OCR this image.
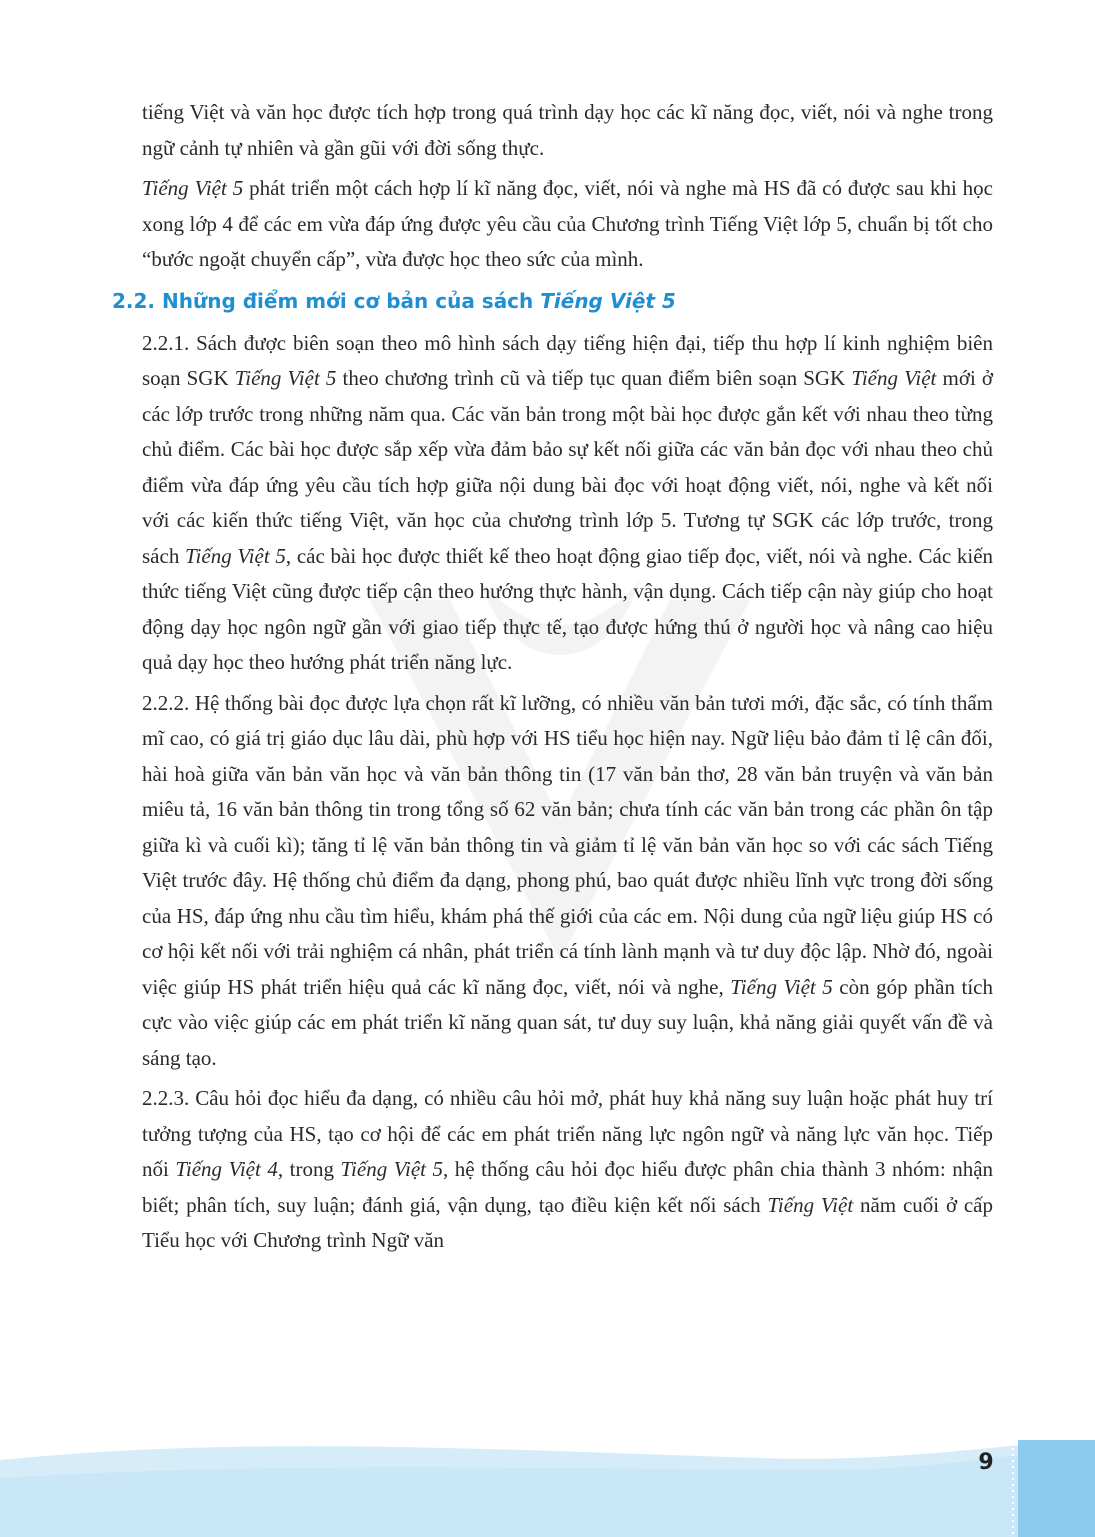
tiếng Việt và văn học được tích hợp trong quá trình dạy học các kĩ năng đọc, viết, nói và nghe trong ngữ cảnh tự nhiên và gần gũi với đời sống thực.

Tiếng Việt 5 phát triển một cách hợp lí kĩ năng đọc, viết, nói và nghe mà HS đã có được sau khi học xong lớp 4 để các em vừa đáp ứng được yêu cầu của Chương trình Tiếng Việt lớp 5, chuẩn bị tốt cho “bước ngoặt chuyển cấp”, vừa được học theo sức của mình.

2.2. Những điểm mới cơ bản của sách Tiếng Việt 5

2.2.1. Sách được biên soạn theo mô hình sách dạy tiếng hiện đại, tiếp thu hợp lí kinh nghiệm biên soạn SGK Tiếng Việt 5 theo chương trình cũ và tiếp tục quan điểm biên soạn SGK Tiếng Việt mới ở các lớp trước trong những năm qua. Các văn bản trong một bài học được gắn kết với nhau theo từng chủ điểm. Các bài học được sắp xếp vừa đảm bảo sự kết nối giữa các văn bản đọc với nhau theo chủ điểm vừa đáp ứng yêu cầu tích hợp giữa nội dung bài đọc với hoạt động viết, nói, nghe và kết nối với các kiến thức tiếng Việt, văn học của chương trình lớp 5. Tương tự SGK các lớp trước, trong sách Tiếng Việt 5, các bài học được thiết kế theo hoạt động giao tiếp đọc, viết, nói và nghe. Các kiến thức tiếng Việt cũng được tiếp cận theo hướng thực hành, vận dụng. Cách tiếp cận này giúp cho hoạt động dạy học ngôn ngữ gần với giao tiếp thực tế, tạo được hứng thú ở người học và nâng cao hiệu quả dạy học theo hướng phát triển năng lực.

2.2.2. Hệ thống bài đọc được lựa chọn rất kĩ lưỡng, có nhiều văn bản tươi mới, đặc sắc, có tính thẩm mĩ cao, có giá trị giáo dục lâu dài, phù hợp với HS tiểu học hiện nay. Ngữ liệu bảo đảm tỉ lệ cân đối, hài hoà giữa văn bản văn học và văn bản thông tin (17 văn bản thơ, 28 văn bản truyện và văn bản miêu tả, 16 văn bản thông tin trong tổng số 62 văn bản; chưa tính các văn bản trong các phần ôn tập giữa kì và cuối kì); tăng tỉ lệ văn bản thông tin và giảm tỉ lệ văn bản văn học so với các sách Tiếng Việt trước đây. Hệ thống chủ điểm đa dạng, phong phú, bao quát được nhiều lĩnh vực trong đời sống của HS, đáp ứng nhu cầu tìm hiểu, khám phá thế giới của các em. Nội dung của ngữ liệu giúp HS có cơ hội kết nối với trải nghiệm cá nhân, phát triển cá tính lành mạnh và tư duy độc lập. Nhờ đó, ngoài việc giúp HS phát triển hiệu quả các kĩ năng đọc, viết, nói và nghe, Tiếng Việt 5 còn góp phần tích cực vào việc giúp các em phát triển kĩ năng quan sát, tư duy suy luận, khả năng giải quyết vấn đề và sáng tạo.

2.2.3. Câu hỏi đọc hiểu đa dạng, có nhiều câu hỏi mở, phát huy khả năng suy luận hoặc phát huy trí tưởng tượng của HS, tạo cơ hội để các em phát triển năng lực ngôn ngữ và năng lực văn học. Tiếp nối Tiếng Việt 4, trong Tiếng Việt 5, hệ thống câu hỏi đọc hiểu được phân chia thành 3 nhóm: nhận biết; phân tích, suy luận; đánh giá, vận dụng, tạo điều kiện kết nối sách Tiếng Việt năm cuối ở cấp Tiểu học với Chương trình Ngữ văn

9
